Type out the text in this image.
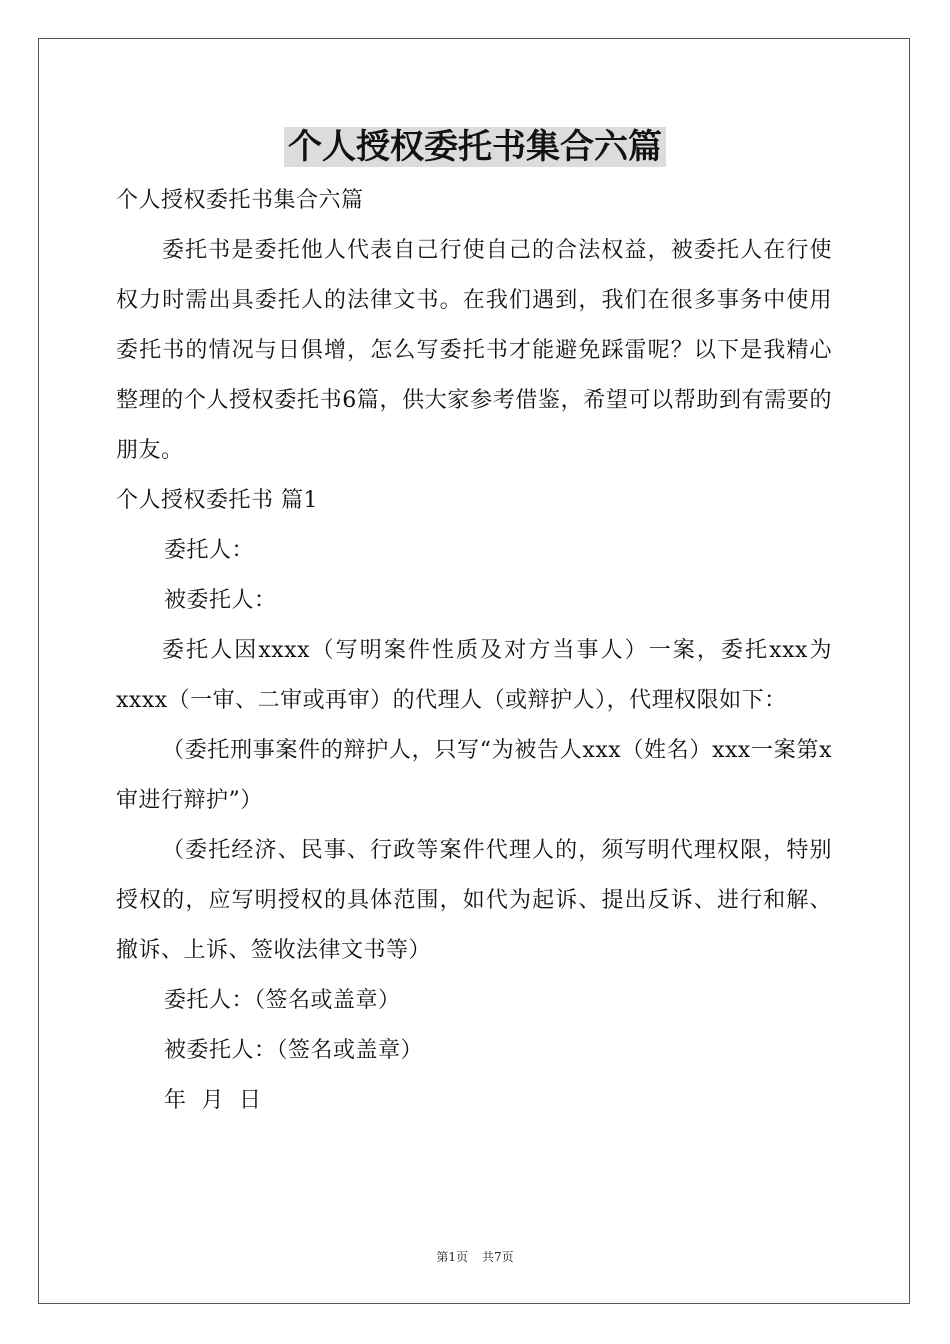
个人授权委托书集合六篇

个人授权委托书集合六篇

委托书是委托他人代表自己行使自己的合法权益，被委托人在行使权力时需出具委托人的法律文书。在我们遇到，我们在很多事务中使用委托书的情况与日俱增，怎么写委托书才能避免踩雷呢？以下是我精心整理的个人授权委托书6篇，供大家参考借鉴，希望可以帮助到有需要的朋友。

个人授权委托书 篇1

委托人：

被委托人：

委托人因xxxx（写明案件性质及对方当事人）一案，委托xxx为xxxx（一审、二审或再审）的代理人（或辩护人），代理权限如下：

（委托刑事案件的辩护人，只写“为被告人xxx（姓名）xxx一案第x审进行辩护”）

（委托经济、民事、行政等案件代理人的，须写明代理权限，特别授权的，应写明授权的具体范围，如代为起诉、提出反诉、进行和解、撤诉、上诉、签收法律文书等）

委托人：（签名或盖章）

被委托人：（签名或盖章）

年  月  日

第1页 共7页
